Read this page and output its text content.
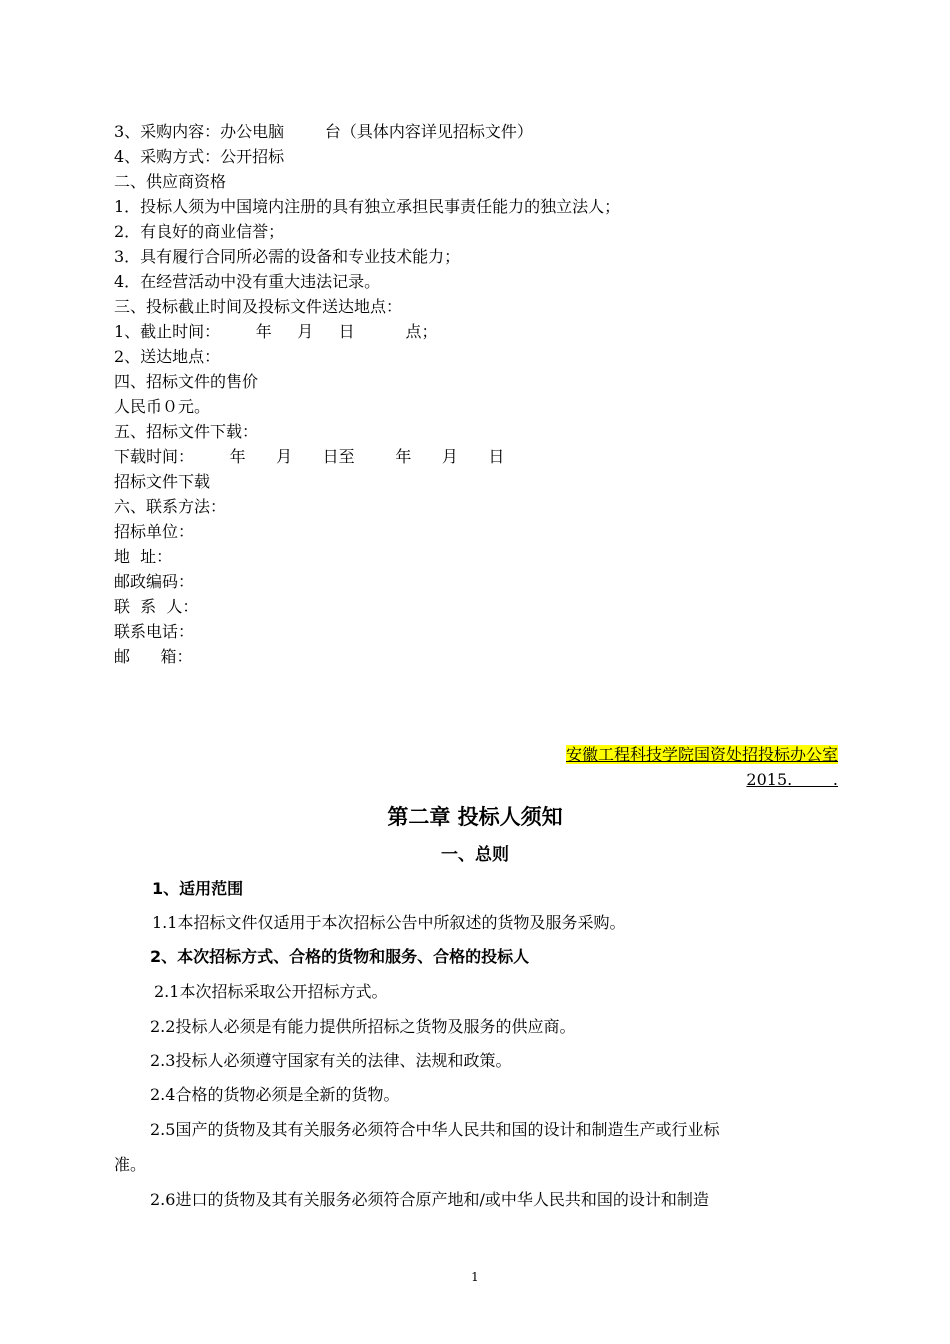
3、采购内容：办公电脑        台（具体内容详见招标文件）
4、采购方式：公开招标
二、供应商资格
1．投标人须为中国境内注册的具有独立承担民事责任能力的独立法人；
2．有良好的商业信誉；
3．具有履行合同所必需的设备和专业技术能力；
4．在经营活动中没有重大违法记录。
三、投标截止时间及投标文件送达地点：
1、截止时间：       年     月     日          点；
2、送达地点：
四、招标文件的售价
人民币０元。
五、招标文件下载：
下载时间：       年      月      日至        年      月      日
招标文件下载
六、联系方法：
招标单位：
地  址：
邮政编码：
联  系  人：
联系电话：
邮      箱：

安徽工程科技学院国资处招投标办公室

2015.        .

第二章 投标人须知
一、总则
1、适用范围
1.1本招标文件仅适用于本次招标公告中所叙述的货物及服务采购。
2、本次招标方式、合格的货物和服务、合格的投标人
2.1本次招标采取公开招标方式。
2.2投标人必须是有能力提供所招标之货物及服务的供应商。
2.3投标人必须遵守国家有关的法律、法规和政策。
2.4合格的货物必须是全新的货物。
2.5国产的货物及其有关服务必须符合中华人民共和国的设计和制造生产或行业标
准。
2.6进口的货物及其有关服务必须符合原产地和/或中华人民共和国的设计和制造
1
